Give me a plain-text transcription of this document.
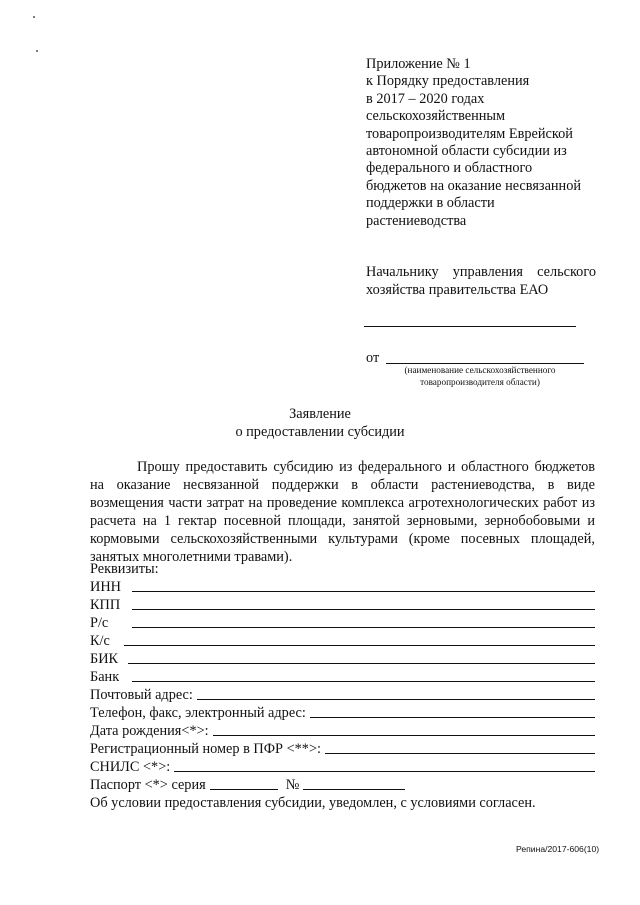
Приложение № 1
к Порядку предоставления
в 2017 – 2020 годах
сельскохозяйственным
товаропроизводителям Еврейской
автономной области субсидии из
федерального и областного
бюджетов на оказание несвязанной
поддержки в области
растениеводства
Начальнику управления сельского хозяйства правительства ЕАО
от
(наименование сельскохозяйственного товаропроизводителя области)
Заявление
о предоставлении субсидии
Прошу предоставить субсидию из федерального и областного бюджетов на оказание несвязанной поддержки в области растениеводства, в виде возмещения части затрат на проведение комплекса агротехнологических работ из расчета на 1 гектар посевной площади, занятой зерновыми, зернобобовыми и кормовыми сельскохозяйственными культурами (кроме посевных площадей, занятых многолетними травами).
Реквизиты:
ИНН
КПП
Р/с
К/с
БИК
Банк
Почтовый адрес:
Телефон, факс, электронный адрес:
Дата рождения<*>:
Регистрационный номер в ПФР <**>:
СНИЛС <*>:
Паспорт <*> серия	№
Об условии предоставления субсидии, уведомлен, с условиями согласен.
Репина/2017-606(10)
